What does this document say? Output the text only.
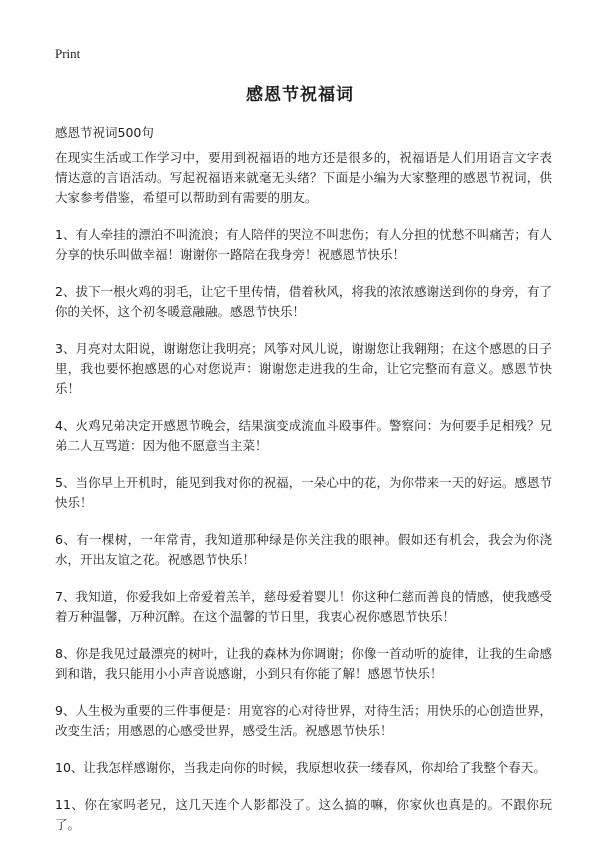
Print
感恩节祝福词

感恩节祝词500句

在现实生活或工作学习中，要用到祝福语的地方还是很多的，祝福语是人们用语言文字表情达意的言语活动。写起祝福语来就毫无头绪？下面是小编为大家整理的感恩节祝词，供大家参考借鉴，希望可以帮助到有需要的朋友。

1、有人牵挂的漂泊不叫流浪；有人陪伴的哭泣不叫悲伤；有人分担的忧愁不叫痛苦；有人分享的快乐叫做幸福！谢谢你一路陪在我身旁！祝感恩节快乐！

2、拔下一根火鸡的羽毛，让它千里传情，借着秋风，将我的浓浓感谢送到你的身旁，有了你的关怀，这个初冬暖意融融。感恩节快乐！

3、月亮对太阳说，谢谢您让我明亮；风筝对风儿说，谢谢您让我翱翔；在这个感恩的日子里，我也要怀抱感恩的心对您说声：谢谢您走进我的生命，让它完整而有意义。感恩节快乐！

4、火鸡兄弟决定开感恩节晚会，结果演变成流血斗殴事件。警察问：为何要手足相残？兄弟二人互骂道：因为他不愿意当主菜！

5、当你早上开机时，能见到我对你的祝福，一朵心中的花，为你带来一天的好运。感恩节快乐！

6、有一棵树，一年常青，我知道那种绿是你关注我的眼神。假如还有机会，我会为你浇水，开出友谊之花。祝感恩节快乐！

7、我知道，你爱我如上帝爱着羔羊，慈母爱着婴儿！你这种仁慈而善良的情感，使我感受着万种温馨，万种沉醉。在这个温馨的节日里，我衷心祝你感恩节快乐！

8、你是我见过最漂亮的树叶，让我的森林为你调谢；你像一首动听的旋律，让我的生命感到和谐，我只能用小小声音说感谢，小到只有你能了解！感恩节快乐！

9、人生极为重要的三件事便是：用宽容的心对待世界，对待生活；用快乐的心创造世界，改变生活；用感恩的心感受世界，感受生活。祝感恩节快乐！

10、让我怎样感谢你，当我走向你的时候，我原想收获一缕春风，你却给了我整个春天。

11、你在家吗老兄，这几天连个人影都没了。这么搞的嘛，你家伙也真是的。不跟你玩了。
